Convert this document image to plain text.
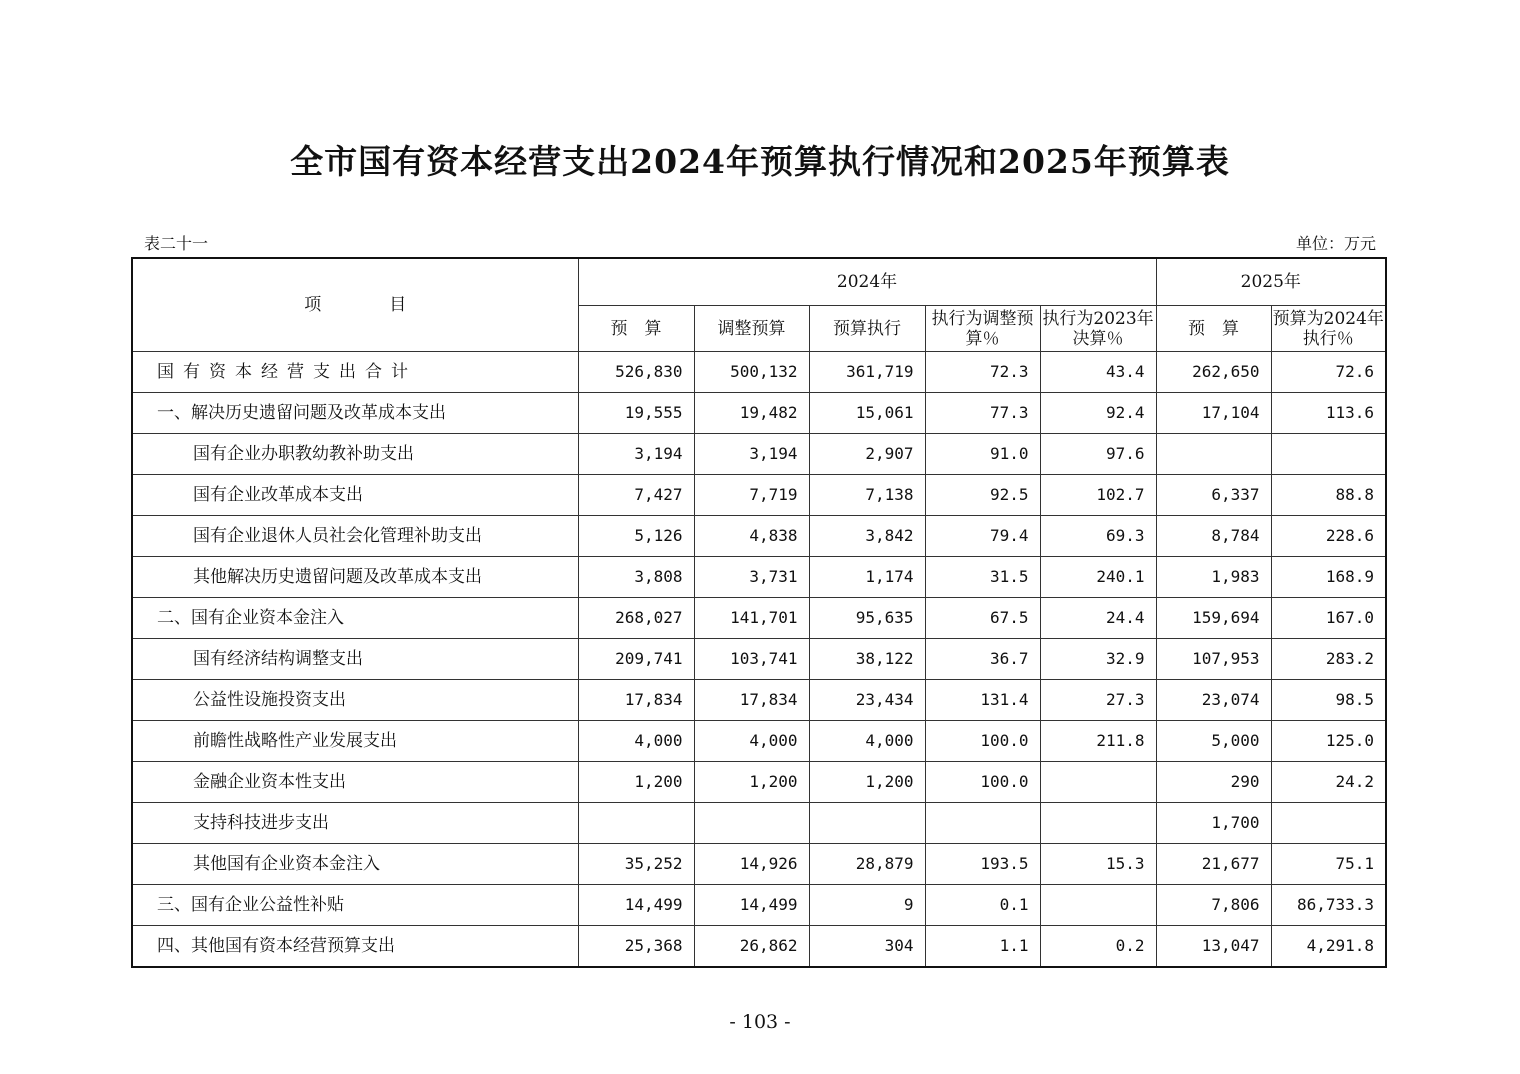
全市国有资本经营支出2024年预算执行情况和2025年预算表
表二十一	单位：万元
项　　　　目	2024年					2025年	
	预　算	调整预算	预算执行	执行为调整预算％	执行为2023年决算％	预　算	预算为2024年执行％
国有资本经营支出合计	526,830	500,132	361,719	72.3	43.4	262,650	72.6
一、解决历史遗留问题及改革成本支出	19,555	19,482	15,061	77.3	92.4	17,104	113.6
国有企业办职教幼教补助支出	3,194	3,194	2,907	91.0	97.6		
国有企业改革成本支出	7,427	7,719	7,138	92.5	102.7	6,337	88.8
国有企业退休人员社会化管理补助支出	5,126	4,838	3,842	79.4	69.3	8,784	228.6
其他解决历史遗留问题及改革成本支出	3,808	3,731	1,174	31.5	240.1	1,983	168.9
二、国有企业资本金注入	268,027	141,701	95,635	67.5	24.4	159,694	167.0
国有经济结构调整支出	209,741	103,741	38,122	36.7	32.9	107,953	283.2
公益性设施投资支出	17,834	17,834	23,434	131.4	27.3	23,074	98.5
前瞻性战略性产业发展支出	4,000	4,000	4,000	100.0	211.8	5,000	125.0
金融企业资本性支出	1,200	1,200	1,200	100.0		290	24.2
支持科技进步支出						1,700	
其他国有企业资本金注入	35,252	14,926	28,879	193.5	15.3	21,677	75.1
三、国有企业公益性补贴	14,499	14,499	9	0.1		7,806	86,733.3
四、其他国有资本经营预算支出	25,368	26,862	304	1.1	0.2	13,047	4,291.8
- 103 -
